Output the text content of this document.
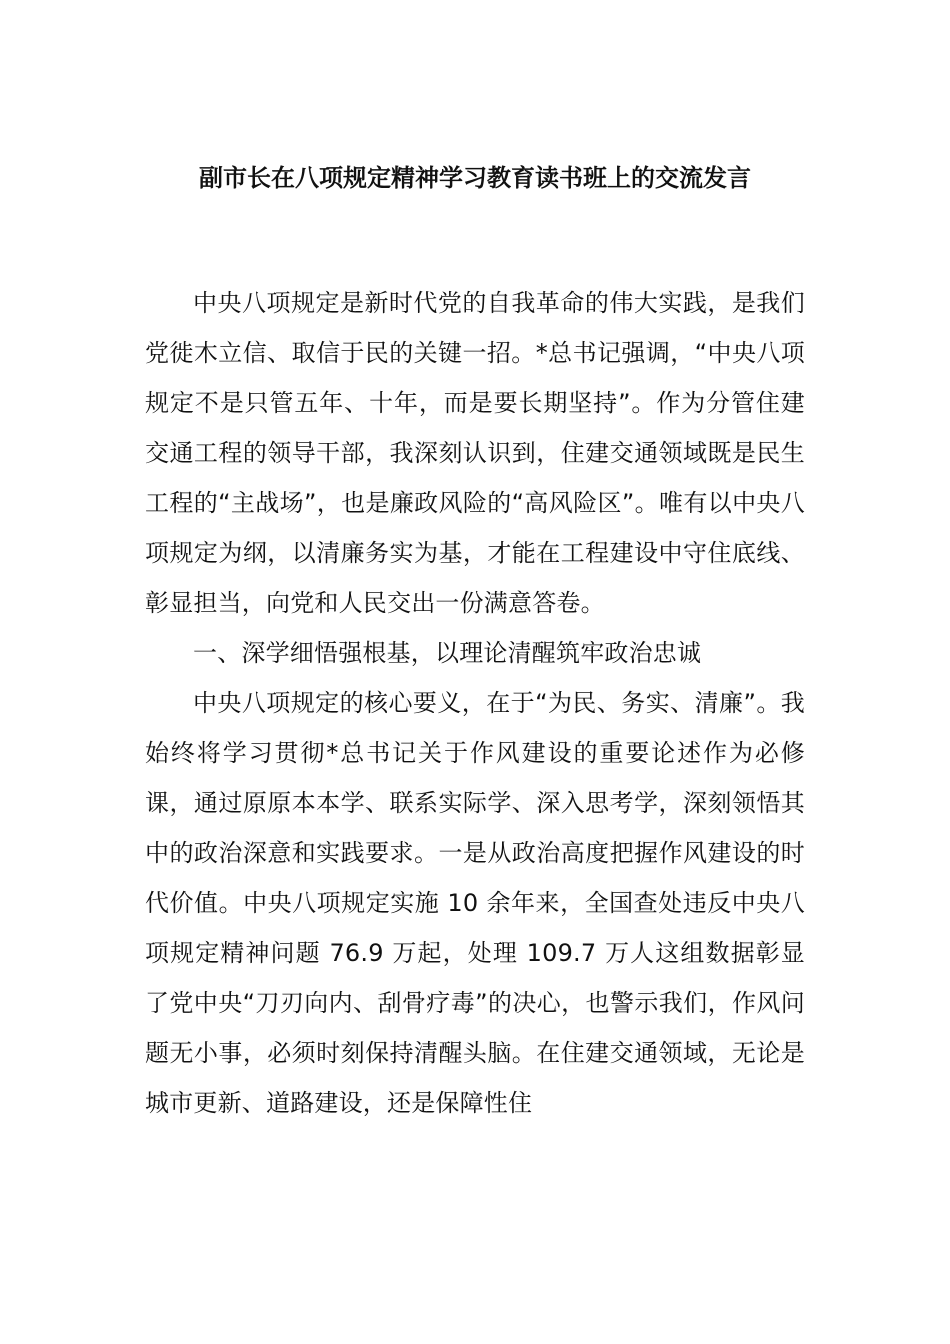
副市长在八项规定精神学习教育读书班上的交流发言

中央八项规定是新时代党的自我革命的伟大实践，是我们党徙木立信、取信于民的关键一招。*总书记强调，“中央八项规定不是只管五年、十年，而是要长期坚持”。作为分管住建交通工程的领导干部，我深刻认识到，住建交通领域既是民生工程的“主战场”，也是廉政风险的“高风险区”。唯有以中央八项规定为纲，以清廉务实为基，才能在工程建设中守住底线、彰显担当，向党和人民交出一份满意答卷。

一、深学细悟强根基，以理论清醒筑牢政治忠诚

中央八项规定的核心要义，在于“为民、务实、清廉”。我始终将学习贯彻*总书记关于作风建设的重要论述作为必修课，通过原原本本学、联系实际学、深入思考学，深刻领悟其中的政治深意和实践要求。一是从政治高度把握作风建设的时代价值。中央八项规定实施 10 余年来，全国查处违反中央八项规定精神问题 76.9 万起，处理 109.7 万人这组数据彰显了党中央“刀刃向内、刮骨疗毒”的决心，也警示我们，作风问题无小事，必须时刻保持清醒头脑。在住建交通领域，无论是城市更新、道路建设，还是保障性住
